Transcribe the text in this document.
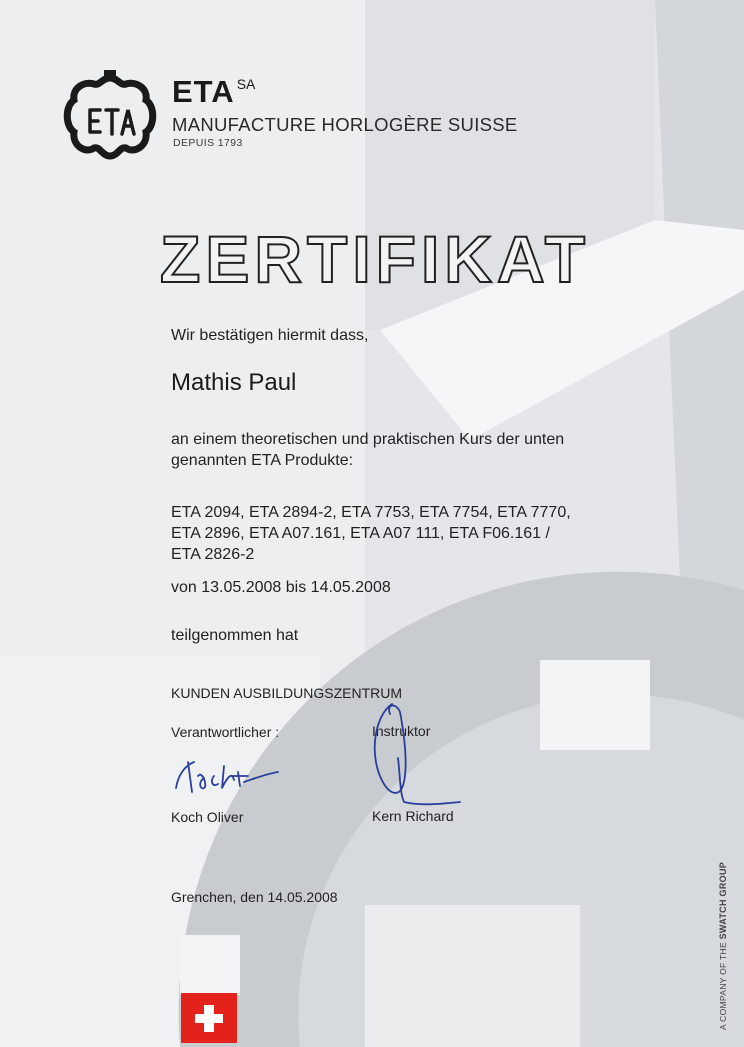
ETA SA
MANUFACTURE HORLOGÈRE SUISSE
DEPUIS 1793
ZERTIFIKAT
Wir bestätigen hiermit dass,
Mathis Paul
an einem theoretischen und praktischen Kurs der unten
genannten ETA Produkte:
ETA 2094, ETA 2894-2, ETA 7753, ETA 7754, ETA 7770,
ETA 2896, ETA A07.161, ETA A07 111, ETA F06.161 /
ETA 2826-2
von 13.05.2008 bis 14.05.2008
teilgenommen hat
KUNDEN AUSBILDUNGSZENTRUM
Verantwortlicher :	Instruktor
Koch Oliver	Kern Richard
Grenchen, den 14.05.2008
A COMPANY OF THE SWATCH GROUP
